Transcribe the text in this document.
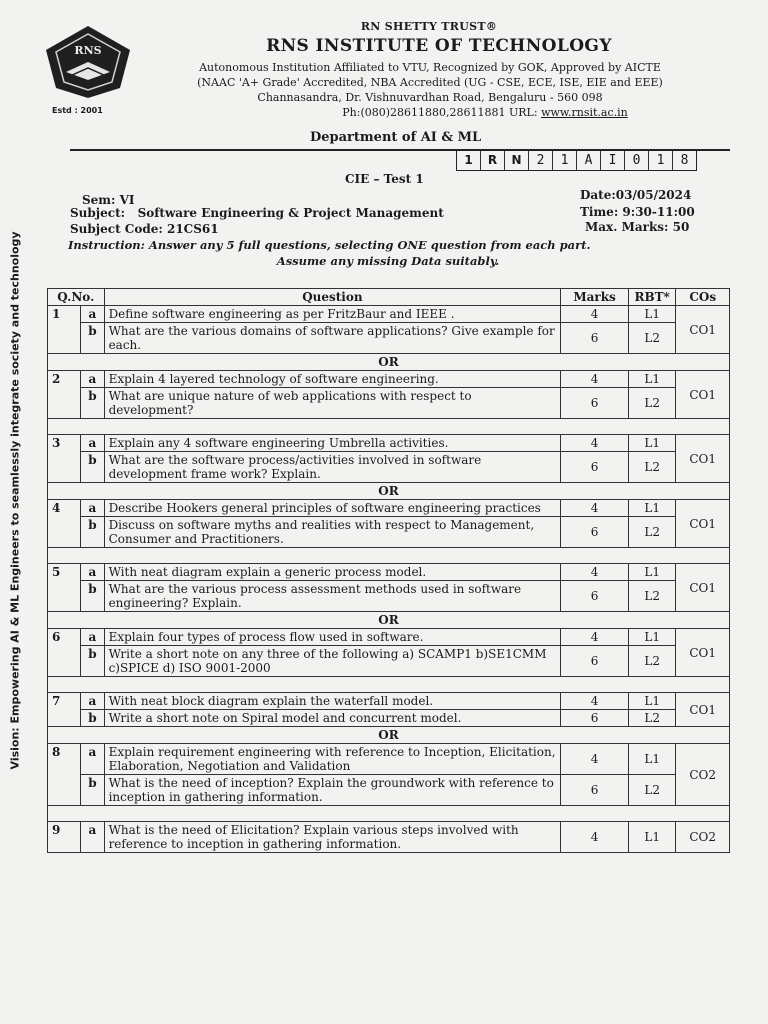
RNS
Estd : 2001
RN SHETTY TRUST®
RNS INSTITUTE OF TECHNOLOGY
Autonomous Institution Affiliated to VTU, Recognized by GOK, Approved by AICTE
(NAAC 'A+ Grade' Accredited, NBA Accredited (UG - CSE, ECE, ISE, EIE and EEE)
Channasandra, Dr. Vishnuvardhan Road, Bengaluru - 560 098
Ph:(080)28611880,28611881 URL: www.rnsit.ac.in
Department of AI & ML
1	R	N	2	1	A	I	0	1	8
CIE – Test 1
Sem: VI
Subject: Software Engineering & Project Management
Subject Code: 21CS61
Date:03/05/2024
Time: 9:30-11:00
Max. Marks: 50
Instruction: Answer any 5 full questions, selecting ONE question from each part.
Assume any missing Data suitably.
Vision: Empowering AI & ML Engineers to seamlessly integrate society and technology	Q.No.		Question	Marks	RBT*	COs
1	a	Define software engineering as per FritzBaur and IEEE .	4	L1	CO1
	b	What are the various domains of software applications? Give example for each.	6	L2	
OR					
2	a	Explain 4 layered technology of software engineering.	4	L1	CO1
	b	What are unique nature of web applications with respect to development?	6	L2	

3	a	Explain any 4 software engineering Umbrella activities.	4	L1	CO1
	b	What are the software process/activities involved in software development frame work? Explain.	6	L2	
OR					
4	a	Describe Hookers general principles of software engineering practices	4	L1	CO1
	b	Discuss on software myths and realities with respect to Management, Consumer and Practitioners.	6	L2	

5	a	With neat diagram explain a generic process model.	4	L1	CO1
	b	What are the various process assessment methods used in software engineering? Explain.	6	L2	
OR					
6	a	Explain four types of process flow used in software.	4	L1	CO1
	b	Write a short note on any three of the following a) SCAMP1 b)SE1CMM c)SPICE d) ISO 9001-2000	6	L2	

7	a	With neat block diagram explain the waterfall model.	4	L1	CO1
	b	Write a short note on Spiral model and concurrent model.	6	L2	
OR					
8	a	Explain requirement engineering with reference to Inception, Elicitation, Elaboration, Negotiation and Validation	4	L1	CO2
	b	What is the need of inception? Explain the groundwork with reference to inception in gathering information.	6	L2	

9	a	What is the need of Elicitation? Explain various steps involved with reference to inception in gathering information.	4	L1	CO2
